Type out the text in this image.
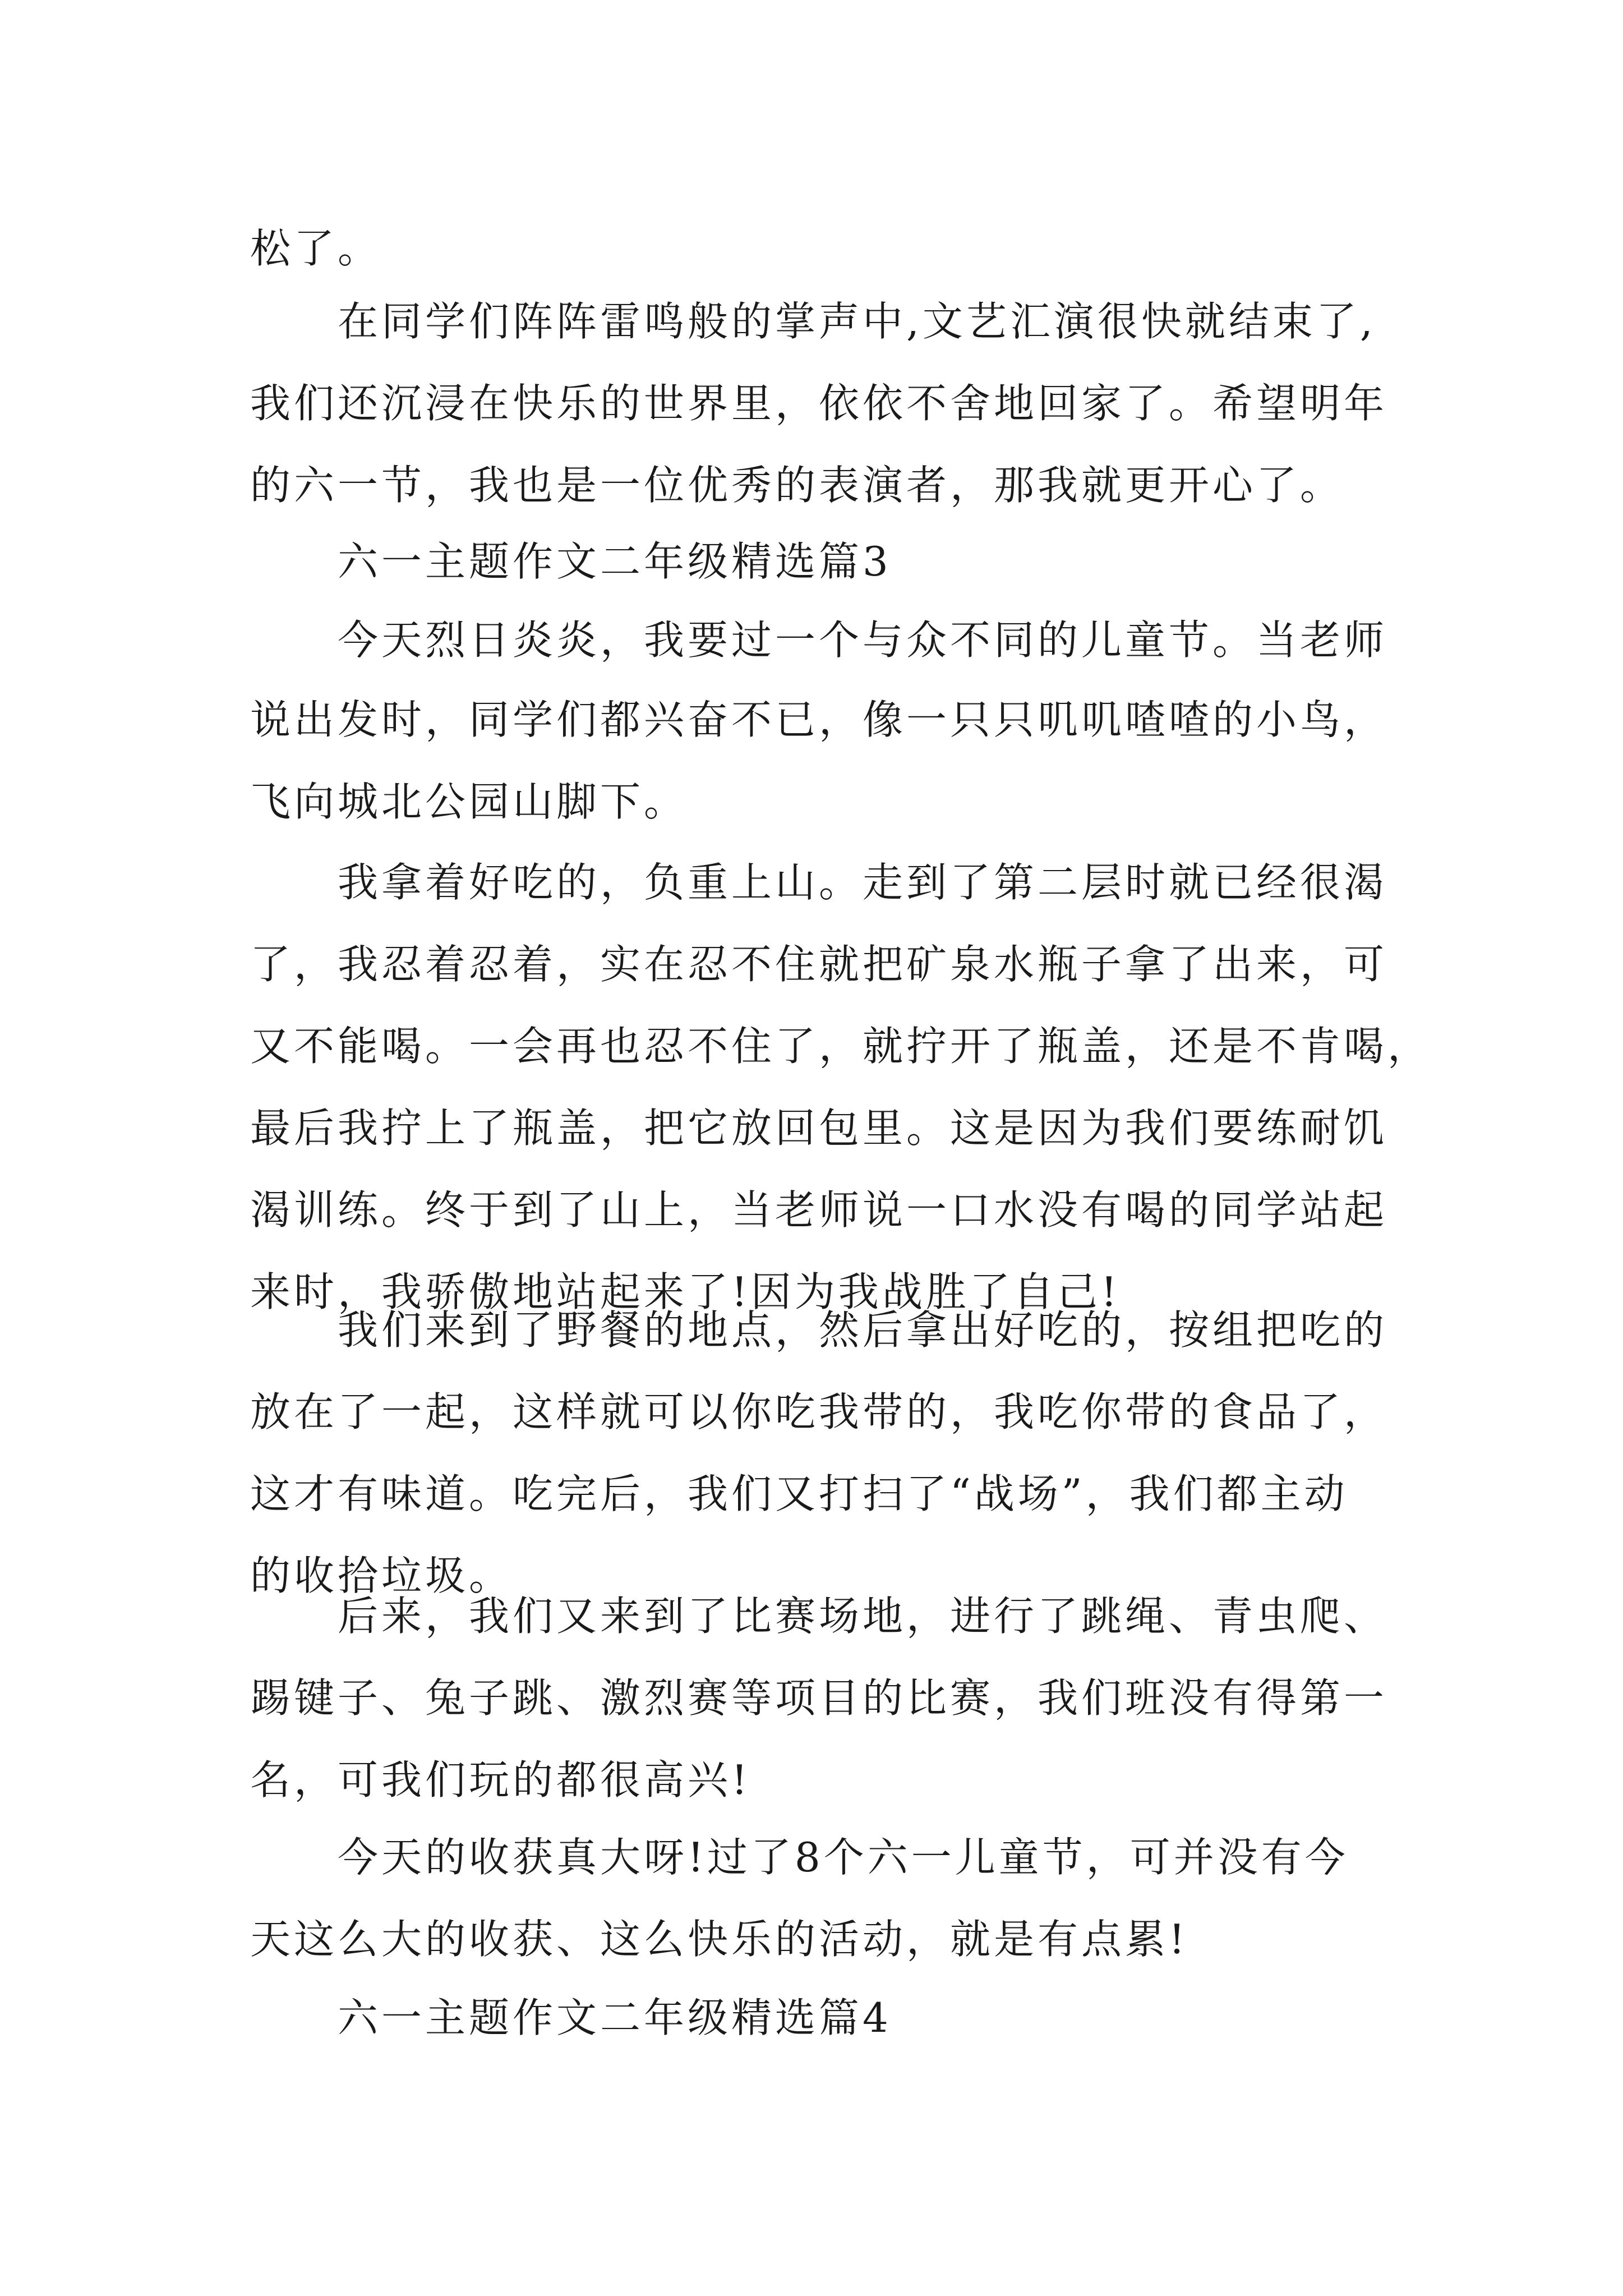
松了。
在同学们阵阵雷鸣般的掌声中,文艺汇演很快就结束了,
我们还沉浸在快乐的世界里，依依不舍地回家了。希望明年
的六一节，我也是一位优秀的表演者，那我就更开心了。
六一主题作文二年级精选篇3
今天烈日炎炎，我要过一个与众不同的儿童节。当老师
说出发时，同学们都兴奋不已，像一只只叽叽喳喳的小鸟，
飞向城北公园山脚下。
我拿着好吃的，负重上山。走到了第二层时就已经很渴
了，我忍着忍着，实在忍不住就把矿泉水瓶子拿了出来，可
又不能喝。一会再也忍不住了，就拧开了瓶盖，还是不肯喝，
最后我拧上了瓶盖，把它放回包里。这是因为我们要练耐饥
渴训练。终于到了山上，当老师说一口水没有喝的同学站起
来时，我骄傲地站起来了!因为我战胜了自己!
我们来到了野餐的地点，然后拿出好吃的，按组把吃的
放在了一起，这样就可以你吃我带的，我吃你带的食品了，
这才有味道。吃完后，我们又打扫了“战场”，我们都主动
的收拾垃圾。
后来，我们又来到了比赛场地，进行了跳绳、青虫爬、
踢键子、兔子跳、激烈赛等项目的比赛，我们班没有得第一
名，可我们玩的都很高兴!
今天的收获真大呀!过了8个六一儿童节，可并没有今
天这么大的收获、这么快乐的活动，就是有点累!
六一主题作文二年级精选篇4
